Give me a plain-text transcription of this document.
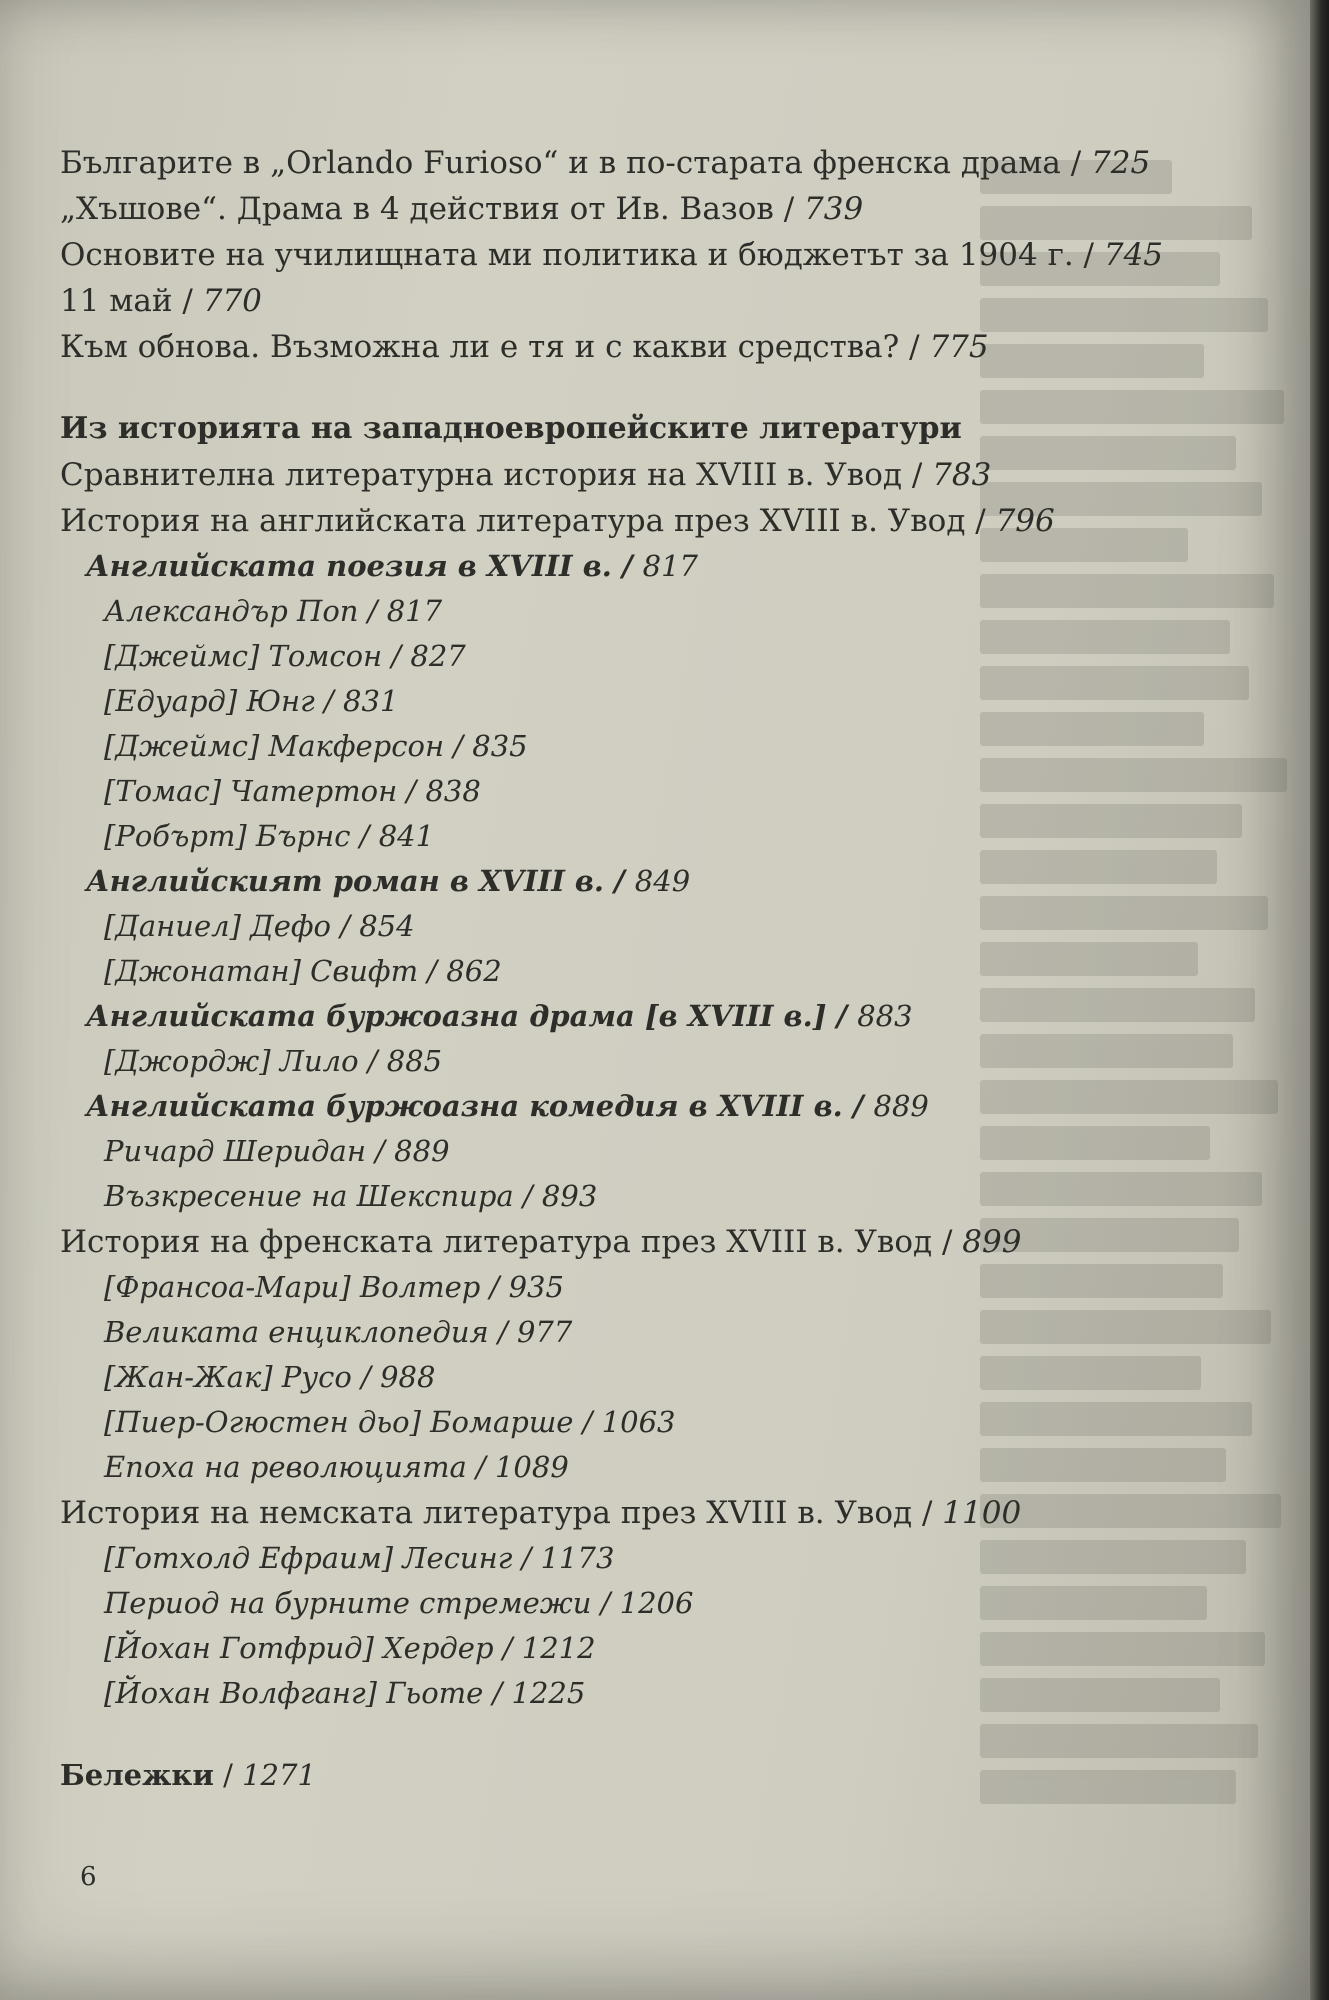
Българите в „Orlando Furioso“ и в по-старата френска драма / 725
„Хъшове“. Драма в 4 действия от Ив. Вазов / 739
Основите на училищната ми политика и бюджетът за 1904 г. / 745
11 май / 770
Към обнова. Възможна ли е тя и с какви средства? / 775
Из историята на западноевропейските литератури
Сравнителна литературна история на XVIII в. Увод / 783
История на английската литература през XVIII в. Увод / 796
Английската поезия в XVIII в. / 817
Александър Поп / 817
[Джеймс] Томсон / 827
[Едуард] Юнг / 831
[Джеймс] Макферсон / 835
[Томас] Чатертон / 838
[Робърт] Бърнс / 841
Английският роман в XVIII в. / 849
[Даниел] Дефо / 854
[Джонатан] Свифт / 862
Английската буржоазна драма [в XVIII в.] / 883
[Джордж] Лило / 885
Английската буржоазна комедия в XVIII в. / 889
Ричард Шеридан / 889
Възкресение на Шекспира / 893
История на френската литература през XVIII в. Увод / 899
[Франсоа-Мари] Волтер / 935
Великата енциклопедия / 977
[Жан-Жак] Русо / 988
[Пиер-Огюстен дьо] Бомарше / 1063
Епоха на революцията / 1089
История на немската литература през XVIII в. Увод / 1100
[Готхолд Ефраим] Лесинг / 1173
Период на бурните стремежи / 1206
[Йохан Готфрид] Хердер / 1212
[Йохан Волфганг] Гьоте / 1225
Бележки / 1271
6
